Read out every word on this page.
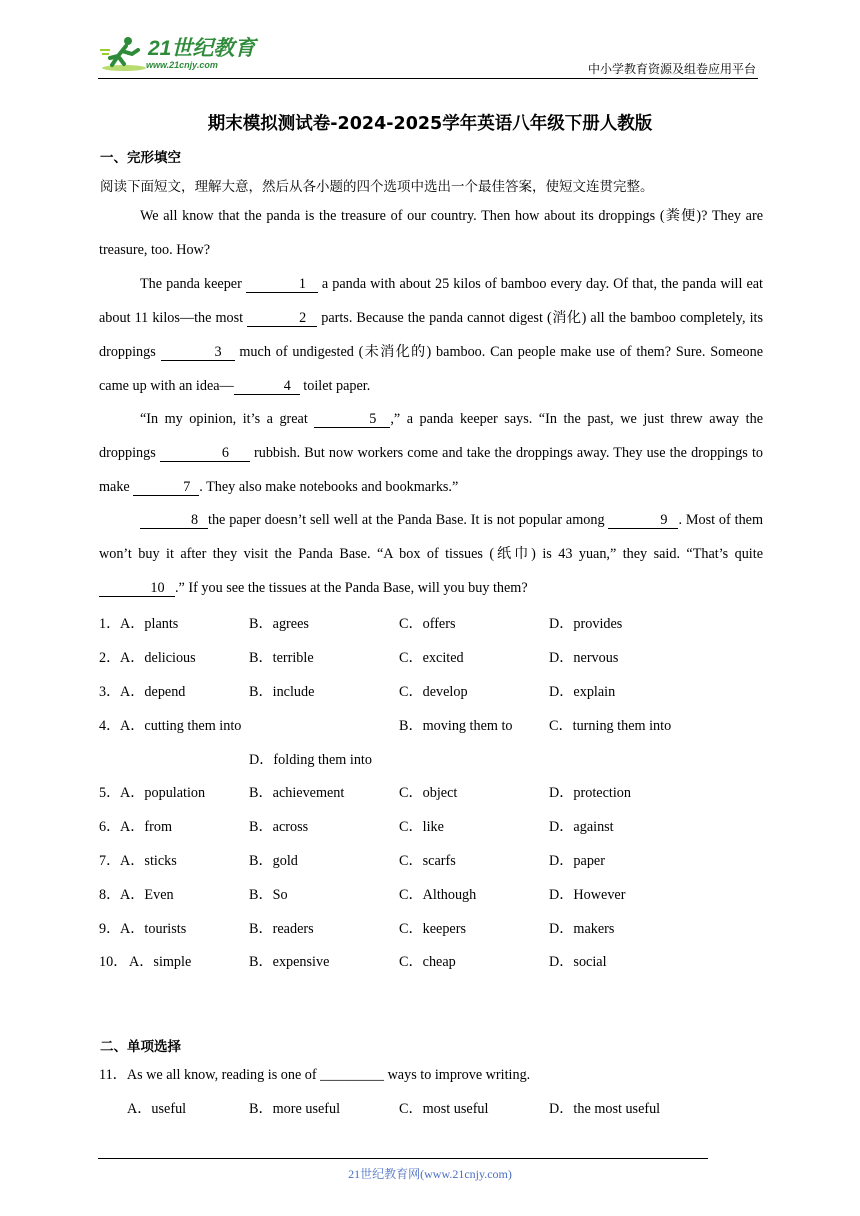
21世纪教育
www.21cnjy.com	中小学教育资源及组卷应用平台
期末模拟测试卷-2024-2025学年英语八年级下册人教版
一、完形填空
阅读下面短文，理解大意，然后从各小题的四个选项中选出一个最佳答案，使短文连贯完整。
We all know that the panda is the treasure of our country. Then how about its droppings (粪便)? They are treasure, too. How?
The panda keeper	1 a panda with about 25 kilos of bamboo every day. Of that, the panda will eat about 11 kilos—the most	2 parts. Because the panda cannot digest (消化) all the bamboo completely, its droppings	3 much of undigested (未消化的) bamboo. Can people make use of them? Sure. Someone came up with an idea—	4 toilet paper.
“In my opinion, it’s a great	5 ,” a panda keeper says. “In the past, we just threw away the droppings	6 rubbish. But now workers come and take the droppings away. They use the droppings to make	7 . They also make notebooks and bookmarks.”
8 the paper doesn’t sell well at the Panda Base. It is not popular among	9 . Most of them won’t buy it after they visit the Panda Base. “A box of tissues (纸巾) is 43 yuan,” they said. “That’s quite 10 .” If you see the tissues at the Panda Base, will you buy them?
1． A．plants	B．agrees	C．offers	D．provides
2． A．delicious	B．terrible	C．excited	D．nervous
3． A．depend	B．include	C．develop	D．explain
4． A．cutting them into	B．moving them to	C．turning them into
D．folding them into
5． A．population	B．achievement	C．object	D．protection
6． A．from	B．across	C．like	D．against
7． A．sticks	B．gold	C．scarfs	D．paper
8． A．Even	B．So	C．Although	D．However
9． A．tourists	B．readers	C．keepers	D．makers
10． A．simple	B．expensive	C．cheap	D．social
二、单项选择
11．As we all know, reading is one of _________ ways to improve writing.
A．useful	B．more useful	C．most useful	D．the most useful
21世纪教育网(www.21cnjy.com)
